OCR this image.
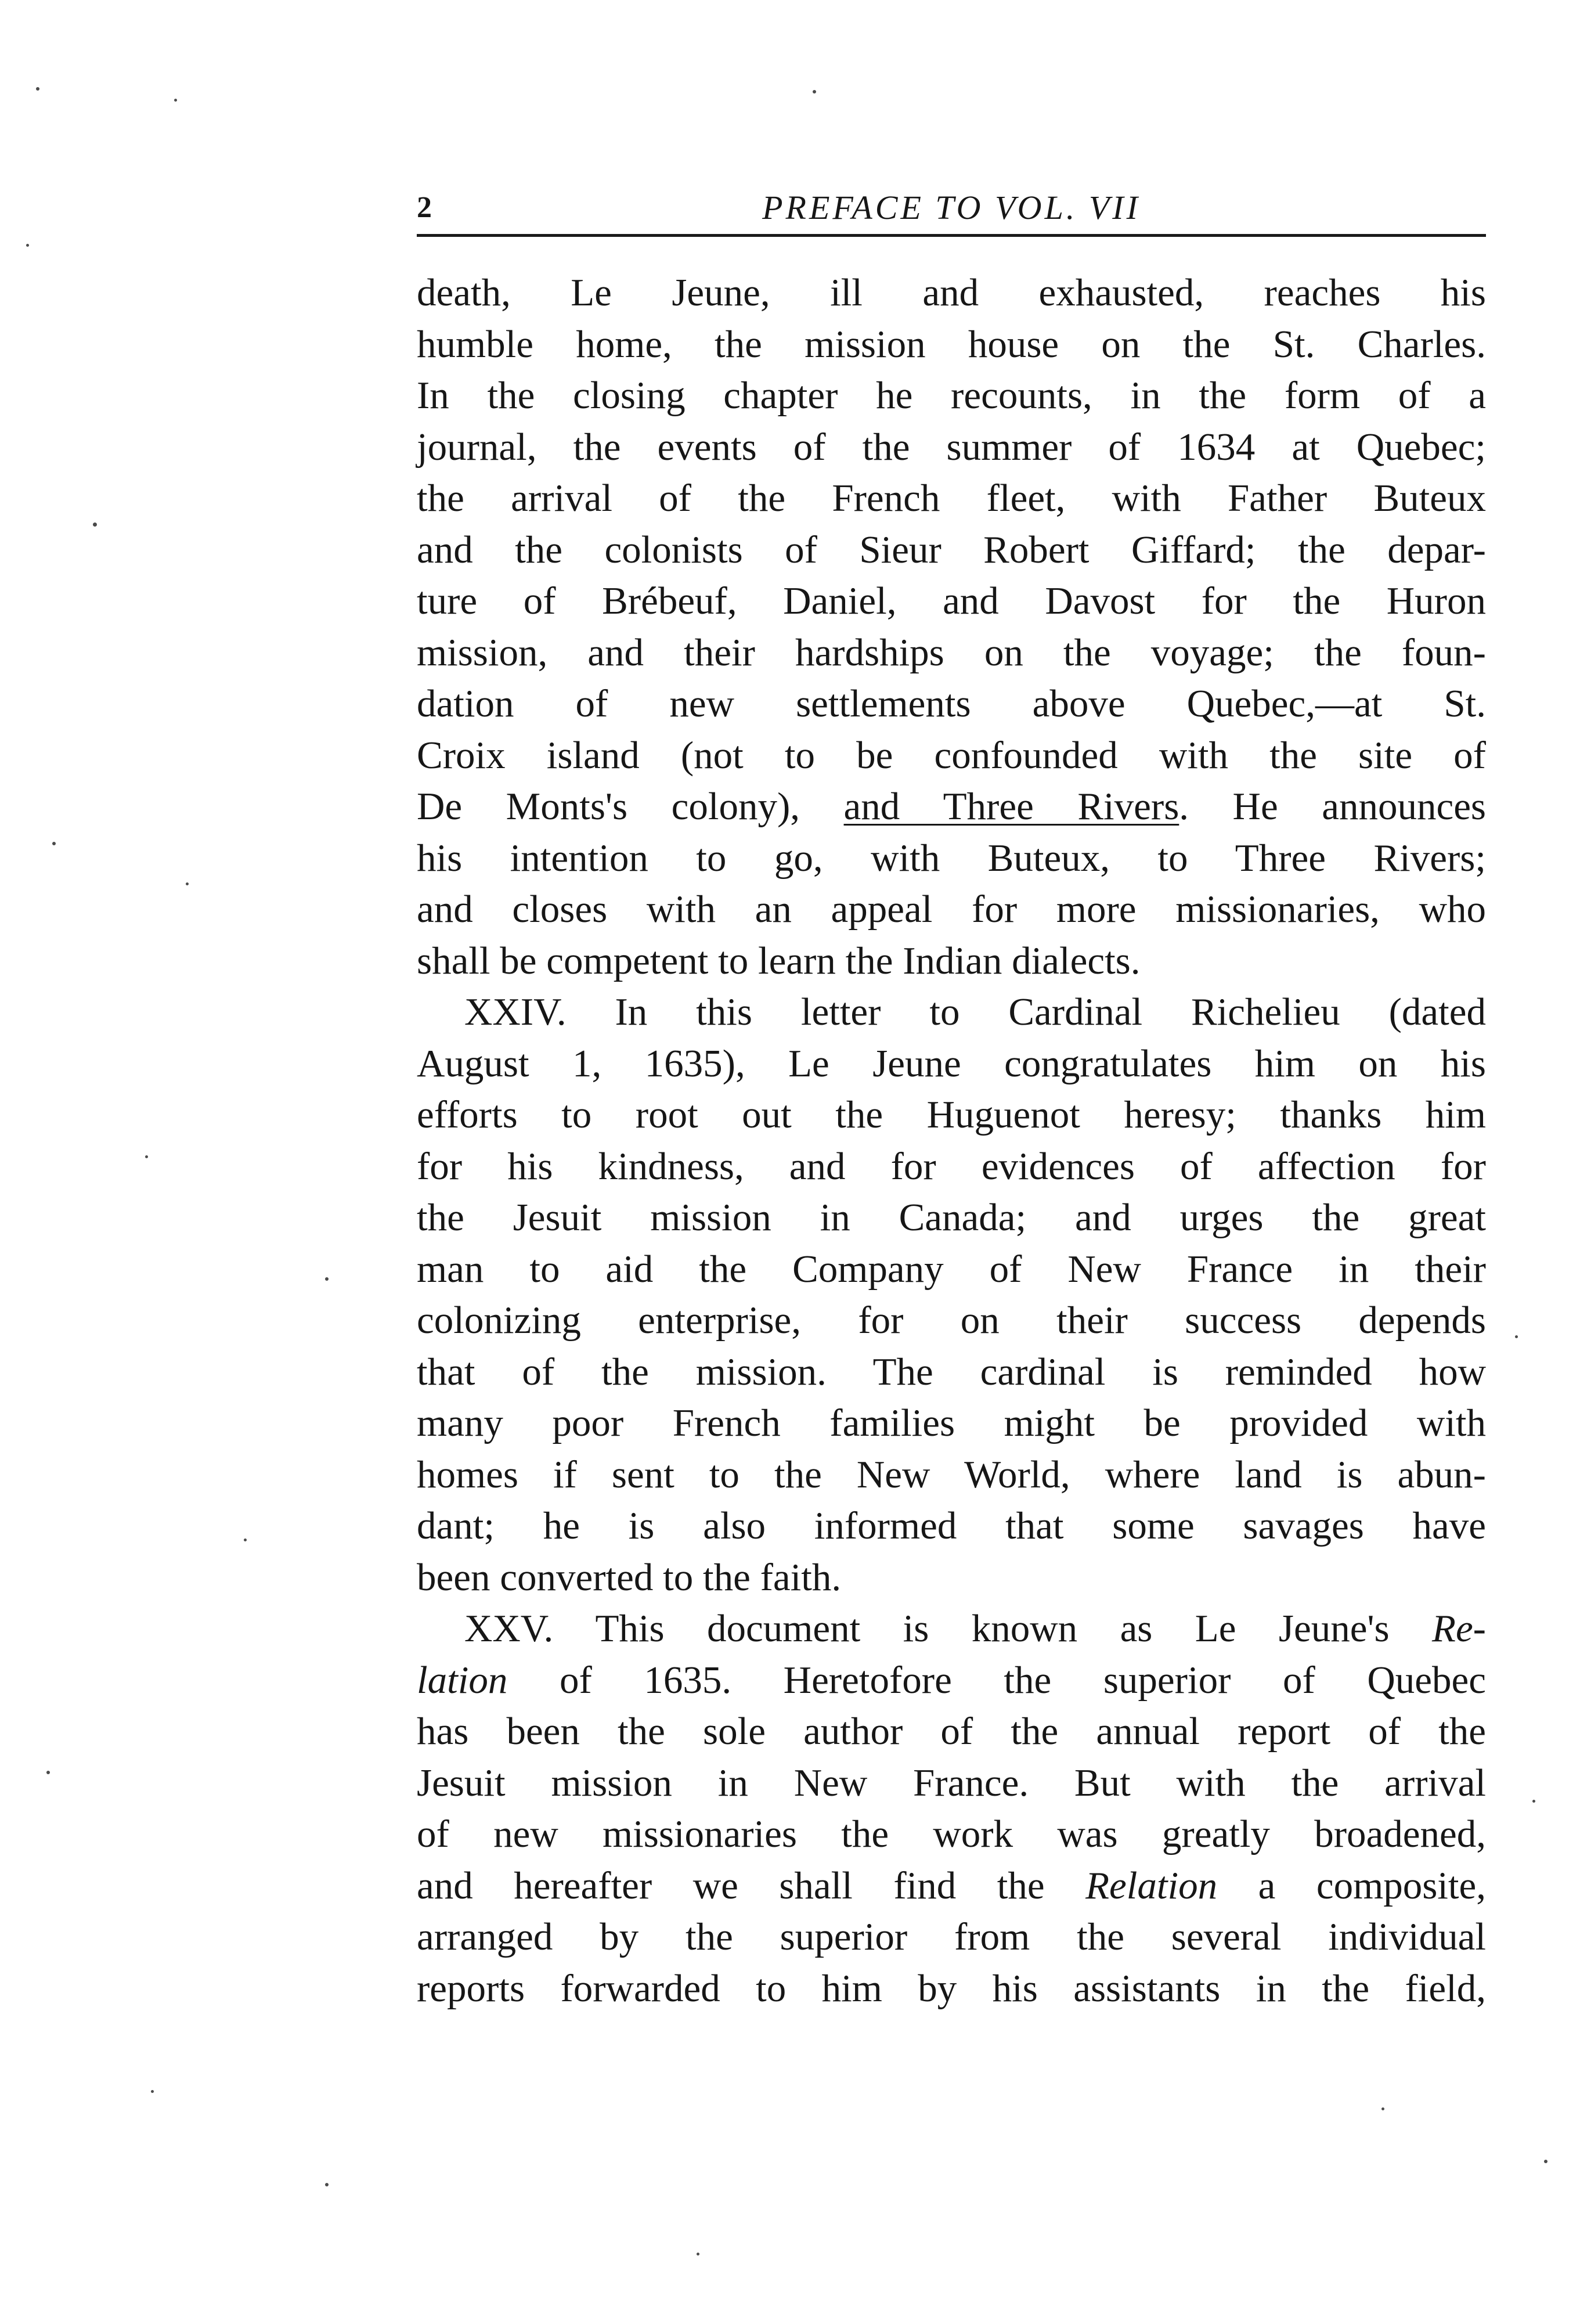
2	PREFACE TO VOL. VII
death, Le Jeune, ill and exhausted, reaches his
humble home, the mission house on the St. Charles.
In the closing chapter he recounts, in the form of a
journal, the events of the summer of 1634 at Quebec;
the arrival of the French fleet, with Father Buteux
and the colonists of Sieur Robert Giffard; the depar-
ture of Brébeuf, Daniel, and Davost for the Huron
mission, and their hardships on the voyage; the foun-
dation of new settlements above Quebec,—at St.
Croix island (not to be confounded with the site of
De Monts's colony), and Three Rivers. He announces
his intention to go, with Buteux, to Three Rivers;
and closes with an appeal for more missionaries, who
shall be competent to learn the Indian dialects.
XXIV. In this letter to Cardinal Richelieu (dated
August 1, 1635), Le Jeune congratulates him on his
efforts to root out the Huguenot heresy; thanks him
for his kindness, and for evidences of affection for
the Jesuit mission in Canada; and urges the great
man to aid the Company of New France in their
colonizing enterprise, for on their success depends
that of the mission. The cardinal is reminded how
many poor French families might be provided with
homes if sent to the New World, where land is abun-
dant; he is also informed that some savages have
been converted to the faith.
XXV. This document is known as Le Jeune's Re-
lation of 1635. Heretofore the superior of Quebec
has been the sole author of the annual report of the
Jesuit mission in New France. But with the arrival
of new missionaries the work was greatly broadened,
and hereafter we shall find the Relation a composite,
arranged by the superior from the several individual
reports forwarded to him by his assistants in the field,
